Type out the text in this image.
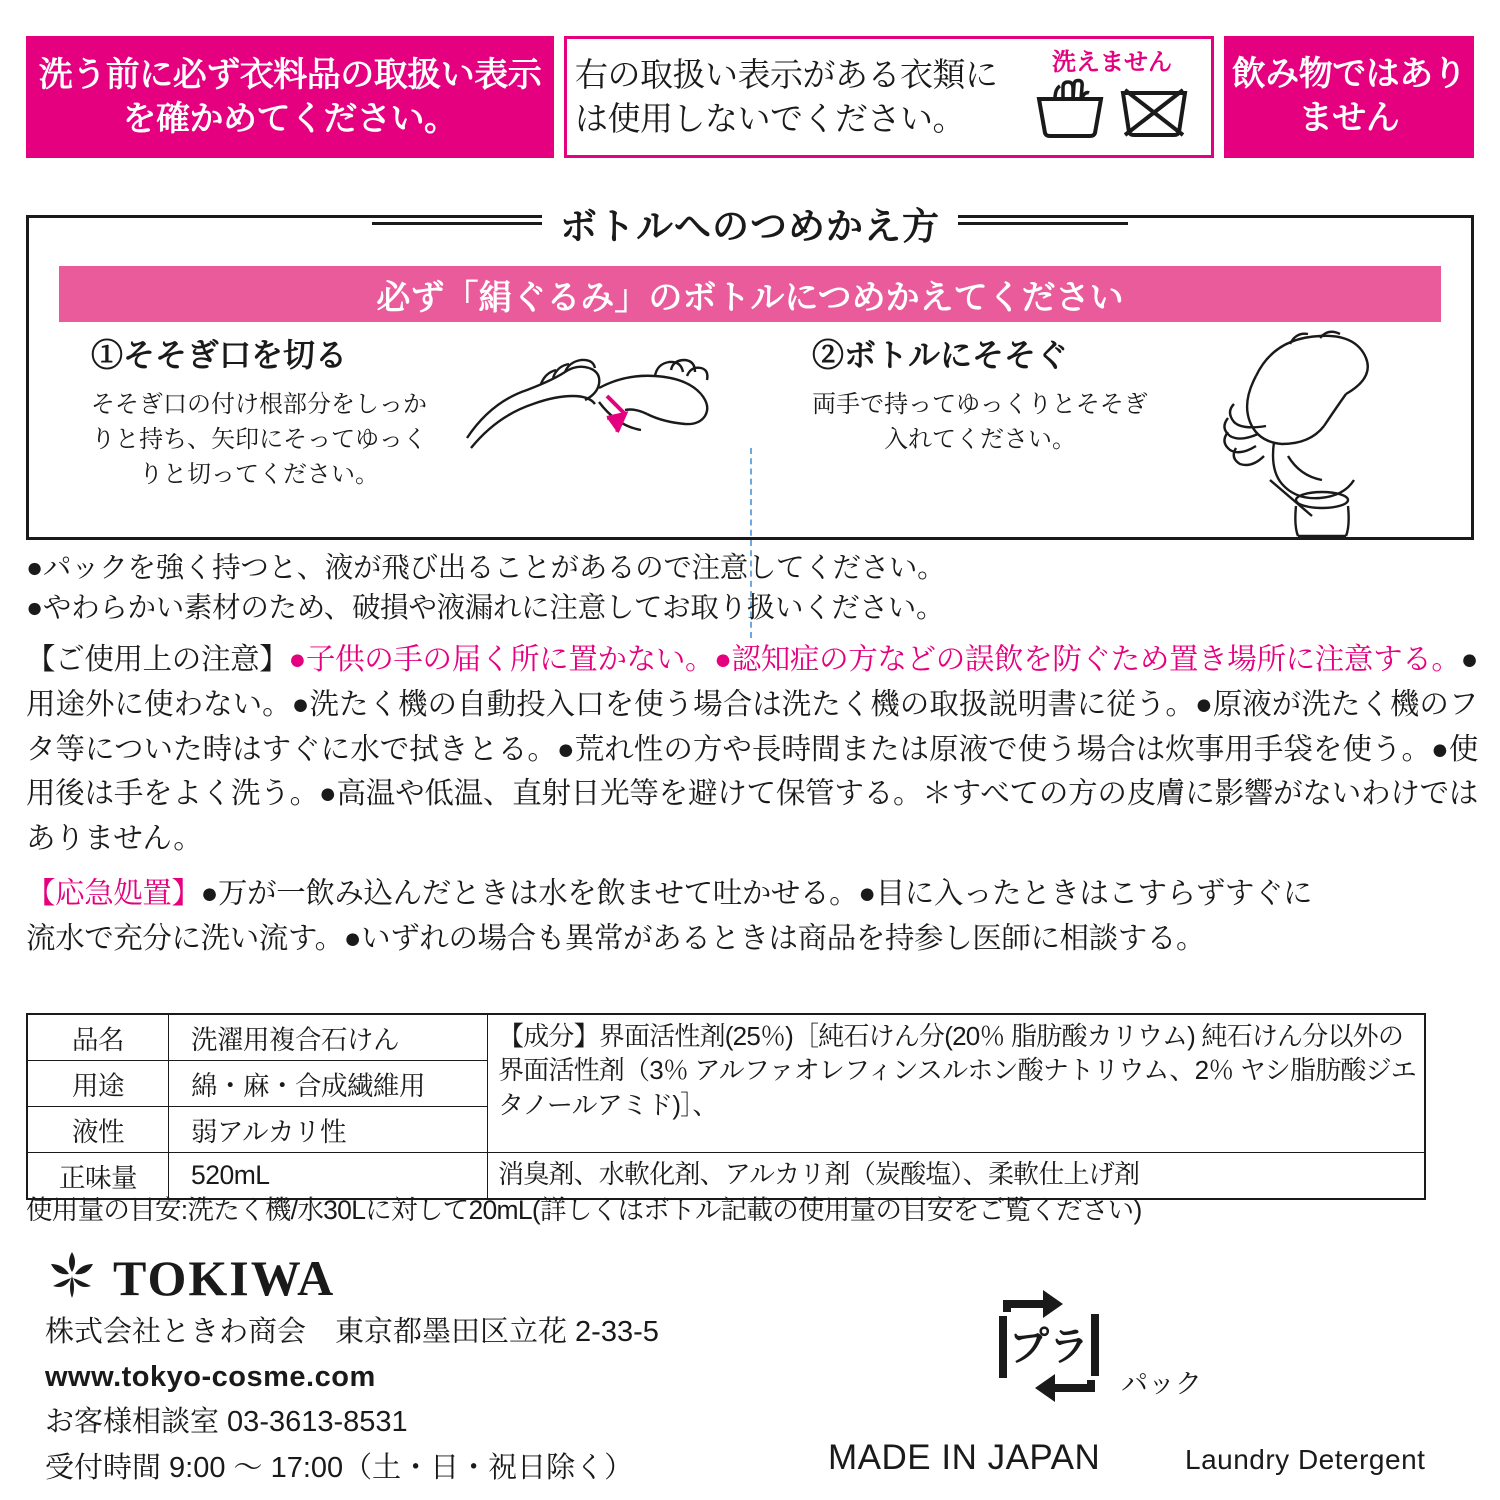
洗う前に必ず衣料品の取扱い表示を確かめてください。
右の取扱い表示がある衣類には使用しないでください。
洗えません 飲み物ではありません
ボトルへのつめかえ方
必ず「絹ぐるみ」のボトルにつめかえてください
①そそぎ口を切る
そそぎ口の付け根部分をしっかりと持ち、矢印にそってゆっくりと切ってください。
②ボトルにそそぐ
両手で持ってゆっくりとそそぎ入れてください。
●パックを強く持つと、液が飛び出ることがあるので注意してください。
●やわらかい素材のため、破損や液漏れに注意してお取り扱いください。
【ご使用上の注意】●子供の手の届く所に置かない。●認知症の方などの誤飲を防ぐため置き場所に注意する。●用途外に使わない。●洗たく機の自動投入口を使う場合は洗たく機の取扱説明書に従う。●原液が洗たく機のフタ等についた時はすぐに水で拭きとる。●荒れ性の方や長時間または原液で使う場合は炊事用手袋を使う。●使用後は手をよく洗う。●高温や低温、直射日光等を避けて保管する。＊すべての方の皮膚に影響がないわけではありません。
【応急処置】●万が一飲み込んだときは水を飲ませて吐かせる。●目に入ったときはこすらずすぐに流水で充分に洗い流す。●いずれの場合も異常があるときは商品を持参し医師に相談する。
品名	洗濯用複合石けん	【成分】界面活性剤(25％)［純石けん分(20％ 脂肪酸カリウム) 純石けん分以外の界面活性剤（3％ アルファオレフィンスルホン酸ナトリウム、2％ ヤシ脂肪酸ジエタノールアミド)］、
用途	綿・麻・合成繊維用	
液性	弱アルカリ性	
正味量	520mL	消臭剤、水軟化剤、アルカリ剤（炭酸塩）、柔軟仕上げ剤
使用量の目安:洗たく機/水30Lに対して20mL(詳しくはボトル記載の使用量の目安をご覧ください)
TOKIWA
株式会社ときわ商会　東京都墨田区立花 2-33-5
www.tokyo-cosme.com
お客様相談室 03-3613-8531
受付時間 9:00 〜 17:00（土・日・祝日除く）
プラ
パック
MADE IN JAPAN	Laundry Detergent
